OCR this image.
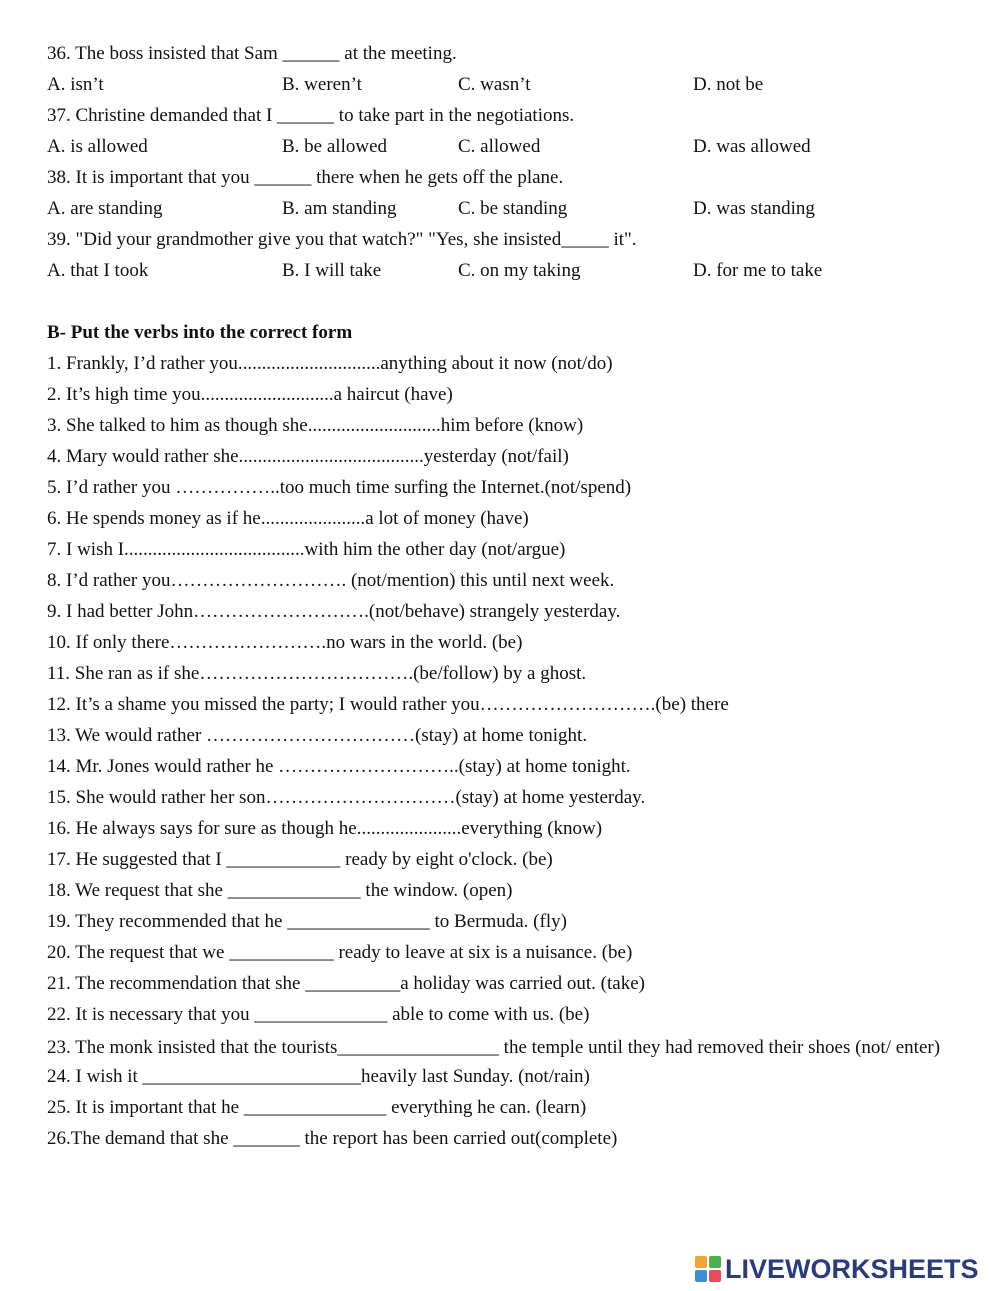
36. The boss insisted that Sam ______ at the meeting.
A. isn’t	B. weren’t	C. wasn’t	D. not be
37. Christine demanded that I ______ to take part in the negotiations.
A. is allowed	B. be allowed	C. allowed	D. was allowed
38. It is important that you ______ there when he gets off the plane.
A. are standing	B. am standing	C. be standing	D. was standing
39. "Did your grandmother give you that watch?" "Yes, she insisted_____ it".
A. that I took	B. I will take	C. on my taking	D. for me to take
B- Put the verbs into the correct form
1. Frankly, I’d rather you..............................anything about it now (not/do)
2. It’s high time you............................a haircut (have)
3. She talked to him as though she............................him before (know)
4. Mary would rather she.......................................yesterday (not/fail)
5. I’d rather you ……………..too much time surfing the Internet.(not/spend)
6. He spends money as if he......................a lot of money (have)
7. I wish I......................................with him the other day (not/argue)
8. I’d rather you………………………. (not/mention) this until next week.
9. I had better John……………………….(not/behave) strangely yesterday.
10. If only there…………………….no wars in the world. (be)
11. She ran as if she…………………………….(be/follow) by a ghost.
12. It’s a shame you missed the party; I would rather you……………………….(be) there
13. We would rather ……………………………(stay) at home tonight.
14. Mr. Jones would rather he ………………………..(stay) at home tonight.
15. She would rather her son…………………………(stay) at home yesterday.
16. He always says for sure as though he......................everything (know)
17. He suggested that I ____________ ready by eight o'clock. (be)
18. We request that she ______________ the window. (open)
19. They recommended that he _______________ to Bermuda. (fly)
20. The request that we ___________ ready to leave at six is a nuisance. (be)
21. The recommendation that she __________a holiday was carried out. (take)
22. It is necessary that you ______________ able to come with us. (be)
23. The monk insisted that the tourists_________________ the temple until they had removed their shoes (not/ enter)
24. I wish it _______________________heavily last Sunday. (not/rain)
25. It is important that he _______________ everything he can. (learn)
26.The demand that she _______ the report has been carried out(complete)
LIVEWORKSHEETS
